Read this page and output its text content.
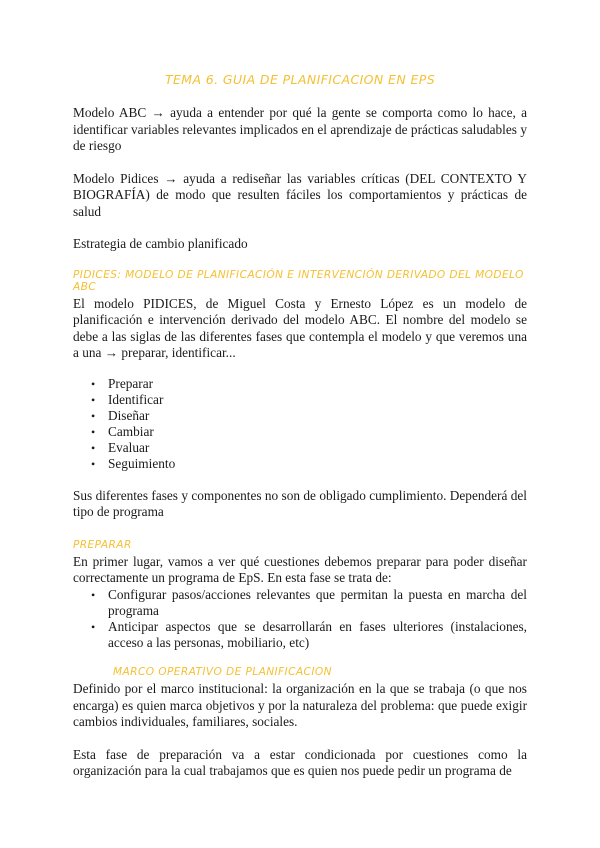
TEMA 6. GUIA DE PLANIFICACION EN EPS

Modelo ABC → ayuda a entender por qué la gente se comporta como lo hace, a identificar variables relevantes implicados en el aprendizaje de prácticas saludables y de riesgo

Modelo Pidices → ayuda a rediseñar las variables críticas (DEL CONTEXTO Y BIOGRAFÍA) de modo que resulten fáciles los comportamientos y prácticas de salud

Estrategia de cambio planificado

PIDICES: MODELO DE PLANIFICACIÓN E INTERVENCIÓN DERIVADO DEL MODELO ABC

El modelo PIDICES, de Miguel Costa y Ernesto López es un modelo de planificación e intervención derivado del modelo ABC. El nombre del modelo se debe a las siglas de las diferentes fases que contempla el modelo y que veremos una a una → preparar, identificar...

• Preparar
• Identificar
• Diseñar
• Cambiar
• Evaluar
• Seguimiento

Sus diferentes fases y componentes no son de obligado cumplimiento. Dependerá del tipo de programa

PREPARAR

En primer lugar, vamos a ver qué cuestiones debemos preparar para poder diseñar correctamente un programa de EpS. En esta fase se trata de:

• Configurar pasos/acciones relevantes que permitan la puesta en marcha del programa
• Anticipar aspectos que se desarrollarán en fases ulteriores (instalaciones, acceso a las personas, mobiliario, etc)
MARCO OPERATIVO DE PLANIFICACION

Definido por el marco institucional: la organización en la que se trabaja (o que nos encarga) es quien marca objetivos y por la naturaleza del problema: que puede exigir cambios individuales, familiares, sociales.

Esta fase de preparación va a estar condicionada por cuestiones como la organización para la cual trabajamos que es quien nos puede pedir un programa de
